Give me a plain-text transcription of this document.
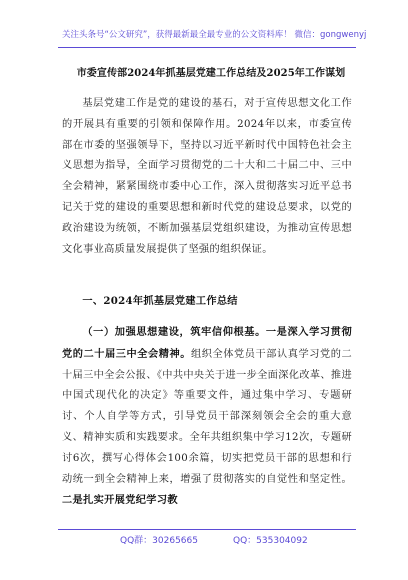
关注头条号“公文研究”，获得最新最全最专业的公文资料库！ 微信：gongwenyj
市委宣传部2024年抓基层党建工作总结及2025年工作谋划
基层党建工作是党的建设的基石，对于宣传思想文化工作的开展具有重要的引领和保障作用。2024年以来，市委宣传部在市委的坚强领导下，坚持以习近平新时代中国特色社会主义思想为指导，全面学习贯彻党的二十大和二十届二中、三中全会精神，紧紧围绕市委中心工作，深入贯彻落实习近平总书记关于党的建设的重要思想和新时代党的建设总要求，以党的政治建设为统领，不断加强基层党组织建设，为推动宣传思想文化事业高质量发展提供了坚强的组织保证。
一、2024年抓基层党建工作总结
（一）加强思想建设，筑牢信仰根基。一是深入学习贯彻党的二十届三中全会精神。组织全体党员干部认真学习党的二十届三中全会公报、《中共中央关于进一步全面深化改革、推进中国式现代化的决定》等重要文件，通过集中学习、专题研讨、个人自学等方式，引导党员干部深刻领会全会的重大意义、精神实质和实践要求。全年共组织集中学习12次，专题研讨6次，撰写心得体会100余篇，切实把党员干部的思想和行动统一到全会精神上来，增强了贯彻落实的自觉性和坚定性。二是扎实开展党纪学习教
QQ群：30265665	QQ：535304092
